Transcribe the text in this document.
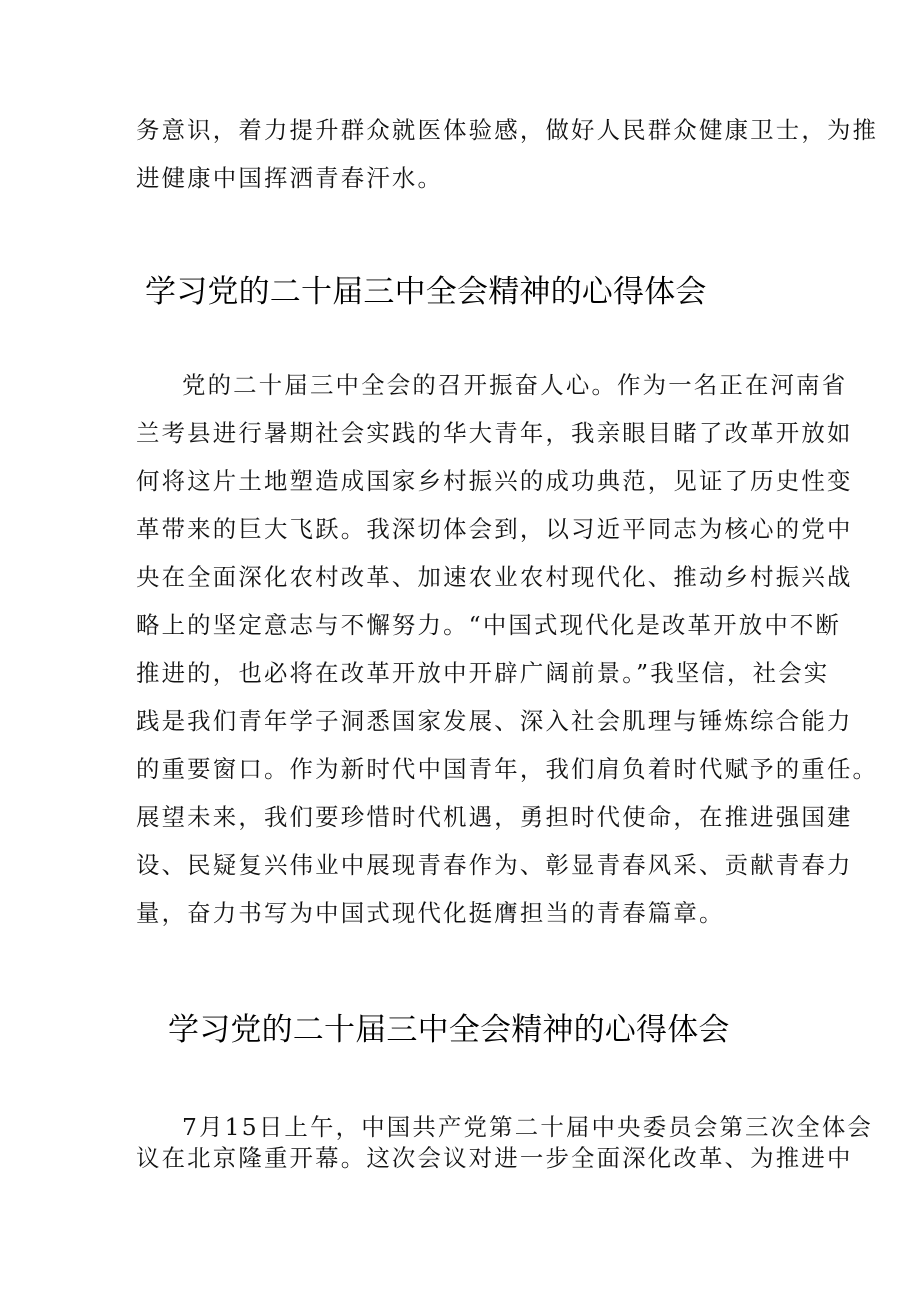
务意识，着力提升群众就医体验感，做好人民群众健康卫士，为推
进健康中国挥洒青春汗水。
学习党的二十届三中全会精神的心得体会
党的二十届三中全会的召开振奋人心。作为一名正在河南省
兰考县进行暑期社会实践的华大青年，我亲眼目睹了改革开放如
何将这片土地塑造成国家乡村振兴的成功典范，见证了历史性变
革带来的巨大飞跃。我深切体会到，以习近平同志为核心的党中
央在全面深化农村改革、加速农业农村现代化、推动乡村振兴战
略上的坚定意志与不懈努力。“中国式现代化是改革开放中不断
推进的，也必将在改革开放中开辟广阔前景。”我坚信，社会实
践是我们青年学子洞悉国家发展、深入社会肌理与锤炼综合能力
的重要窗口。作为新时代中国青年，我们肩负着时代赋予的重任。
展望未来，我们要珍惜时代机遇，勇担时代使命，在推进强国建
设、民疑复兴伟业中展现青春作为、彰显青春风采、贡献青春力
量，奋力书写为中国式现代化挺膺担当的青春篇章。
学习党的二十届三中全会精神的心得体会
7月15日上午，中国共产党第二十届中央委员会第三次全体会
议在北京隆重开幕。这次会议对进一步全面深化改革、为推进中
